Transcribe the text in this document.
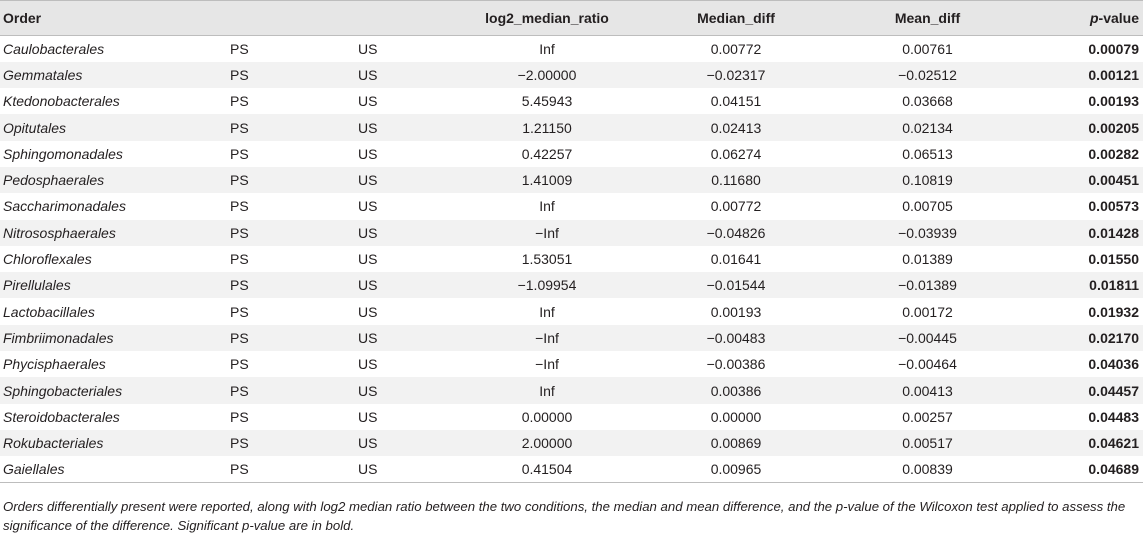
Order			log2_median_ratio	Median_diff	Mean_diff	p-value
Caulobacterales	PS	US	Inf	0.00772	0.00761	0.00079
Gemmatales	PS	US	−2.00000	−0.02317	−0.02512	0.00121
Ktedonobacterales	PS	US	5.45943	0.04151	0.03668	0.00193
Opitutales	PS	US	1.21150	0.02413	0.02134	0.00205
Sphingomonadales	PS	US	0.42257	0.06274	0.06513	0.00282
Pedosphaerales	PS	US	1.41009	0.11680	0.10819	0.00451
Saccharimonadales	PS	US	Inf	0.00772	0.00705	0.00573
Nitrososphaerales	PS	US	−Inf	−0.04826	−0.03939	0.01428
Chloroflexales	PS	US	1.53051	0.01641	0.01389	0.01550
Pirellulales	PS	US	−1.09954	−0.01544	−0.01389	0.01811
Lactobacillales	PS	US	Inf	0.00193	0.00172	0.01932
Fimbriimonadales	PS	US	−Inf	−0.00483	−0.00445	0.02170
Phycisphaerales	PS	US	−Inf	−0.00386	−0.00464	0.04036
Sphingobacteriales	PS	US	Inf	0.00386	0.00413	0.04457
Steroidobacterales	PS	US	0.00000	0.00000	0.00257	0.04483
Rokubacteriales	PS	US	2.00000	0.00869	0.00517	0.04621
Gaiellales	PS	US	0.41504	0.00965	0.00839	0.04689
Orders differentially present were reported, along with log2 median ratio between the two conditions, the median and mean difference, and the p-value of the Wilcoxon test applied to assess the significance of the difference. Significant p-value are in bold.
